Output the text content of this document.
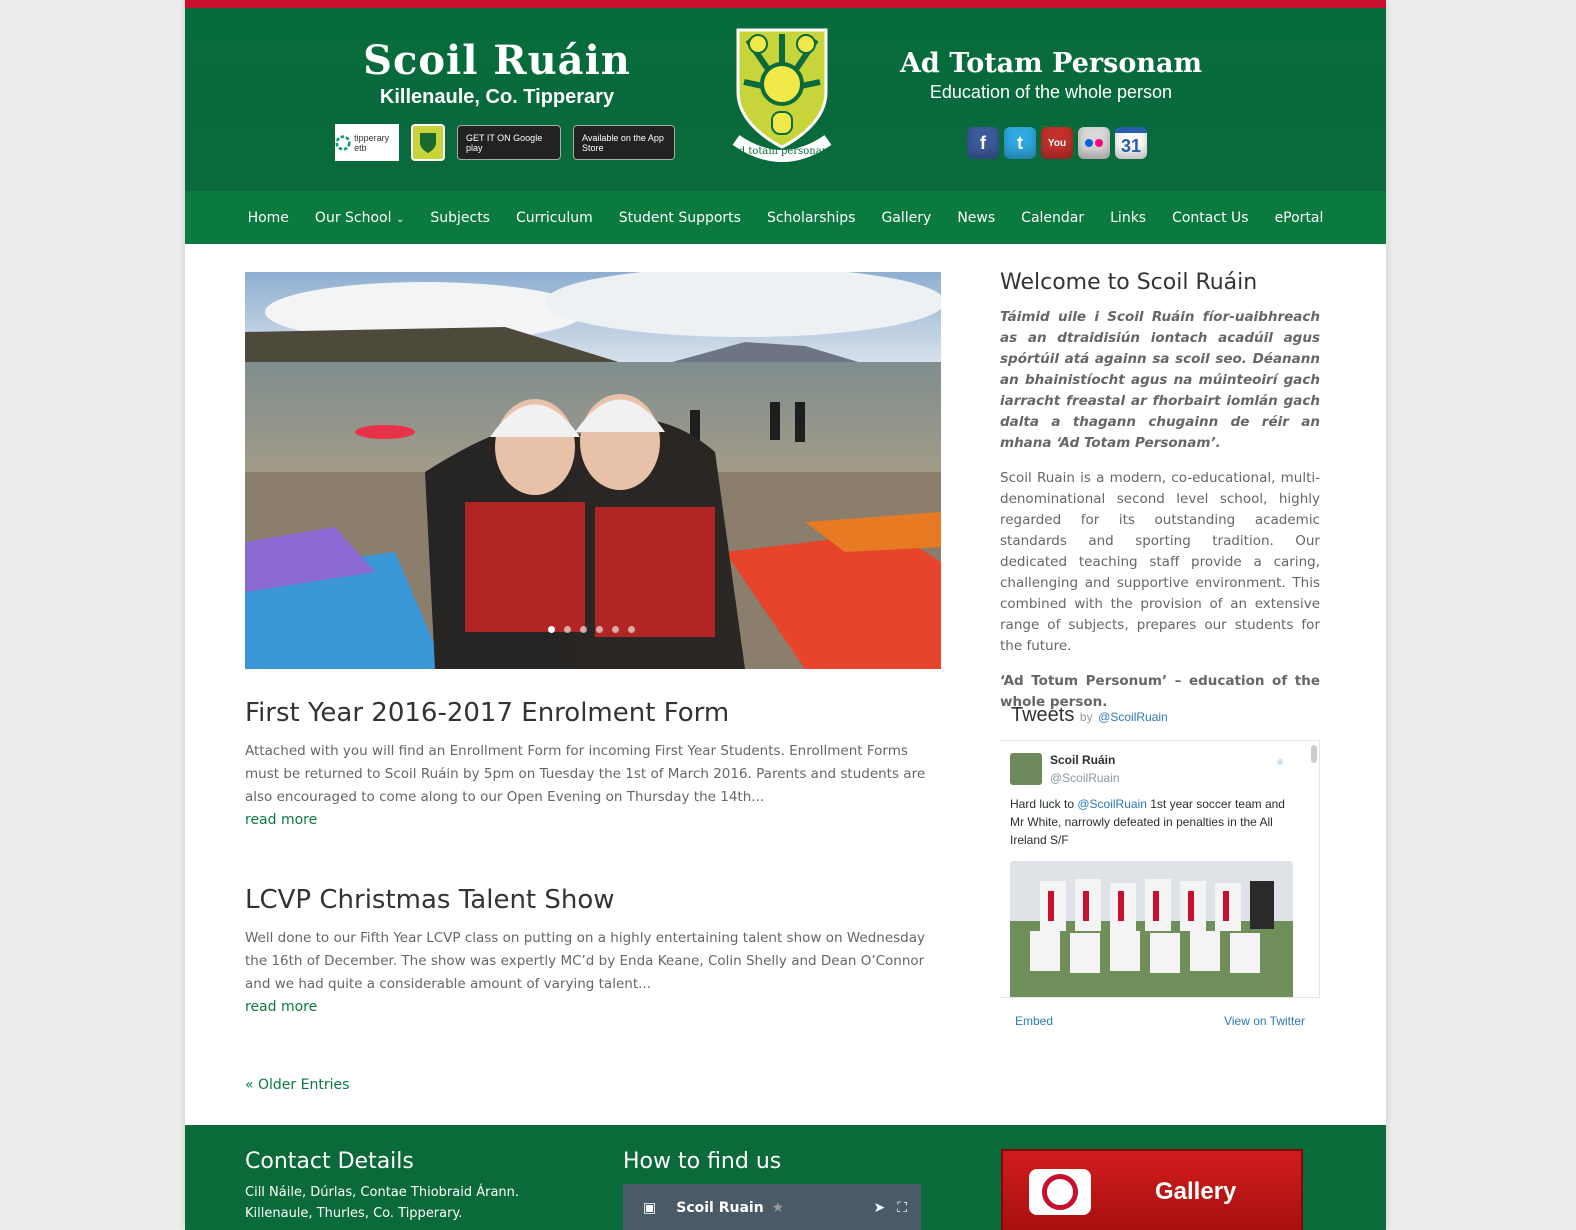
Scoil Ruáin
Killenaule, Co. Tipperary
tipperary etb
GET IT ON Google play
Available on the App Store	ad totam personam
Ad Totam Personam
Education of the whole person
f	t	You	31
Home Our School ⌄ Subjects Curriculum Student Supports Scholarships Gallery News Calendar Links Contact Us ePortal
First Year 2016-2017 Enrolment Form

Attached with you will find an Enrollment Form for incoming First Year Students. Enrollment Forms must be returned to Scoil Ruáin by 5pm on Tuesday the 1st of March 2016. Parents and students are also encouraged to come along to our Open Evening on Thursday the 14th...

read more
LCVP Christmas Talent Show

Well done to our Fifth Year LCVP class on putting on a highly entertaining talent show on Wednesday the 16th of December. The show was expertly MC’d by Enda Keane, Colin Shelly and Dean O’Connor and we had quite a considerable amount of varying talent...

read more
« Older Entries
Welcome to Scoil Ruáin

Táimid uile i Scoil Ruáin fíor-uaibhreach as an dtraidisiún iontach acadúil agus spórtúil atá againn sa scoil seo. Déanann an bhainistíocht agus na múinteoirí gach iarracht freastal ar fhorbairt iomlán gach dalta a thagann chugainn de réir an mhana ‘Ad Totam Personam’.

Scoil Ruain is a modern, co-educational, multi-denominational second level school, highly regarded for its outstanding academic standards and sporting tradition. Our dedicated teaching staff provide a caring, challenging and supportive environment. This combined with the provision of an extensive range of subjects, prepares our students for the future.

‘Ad Totum Personum’ – education of the whole person.

Tweets by @ScoilRuain
Scoil Ruáin
@ScoilRuain
●
Hard luck to @ScoilRuain 1st year soccer team and Mr White, narrowly defeated in penalties in the All Ireland S/F
Embed	View on Twitter
Contact Details
Cill Náile, Dúrlas, Contae Thiobraid Árann.
Killenaule, Thurles, Co. Tipperary.
How to find us
▣ Scoil Ruain ★	➤ ⛶
Gallery
